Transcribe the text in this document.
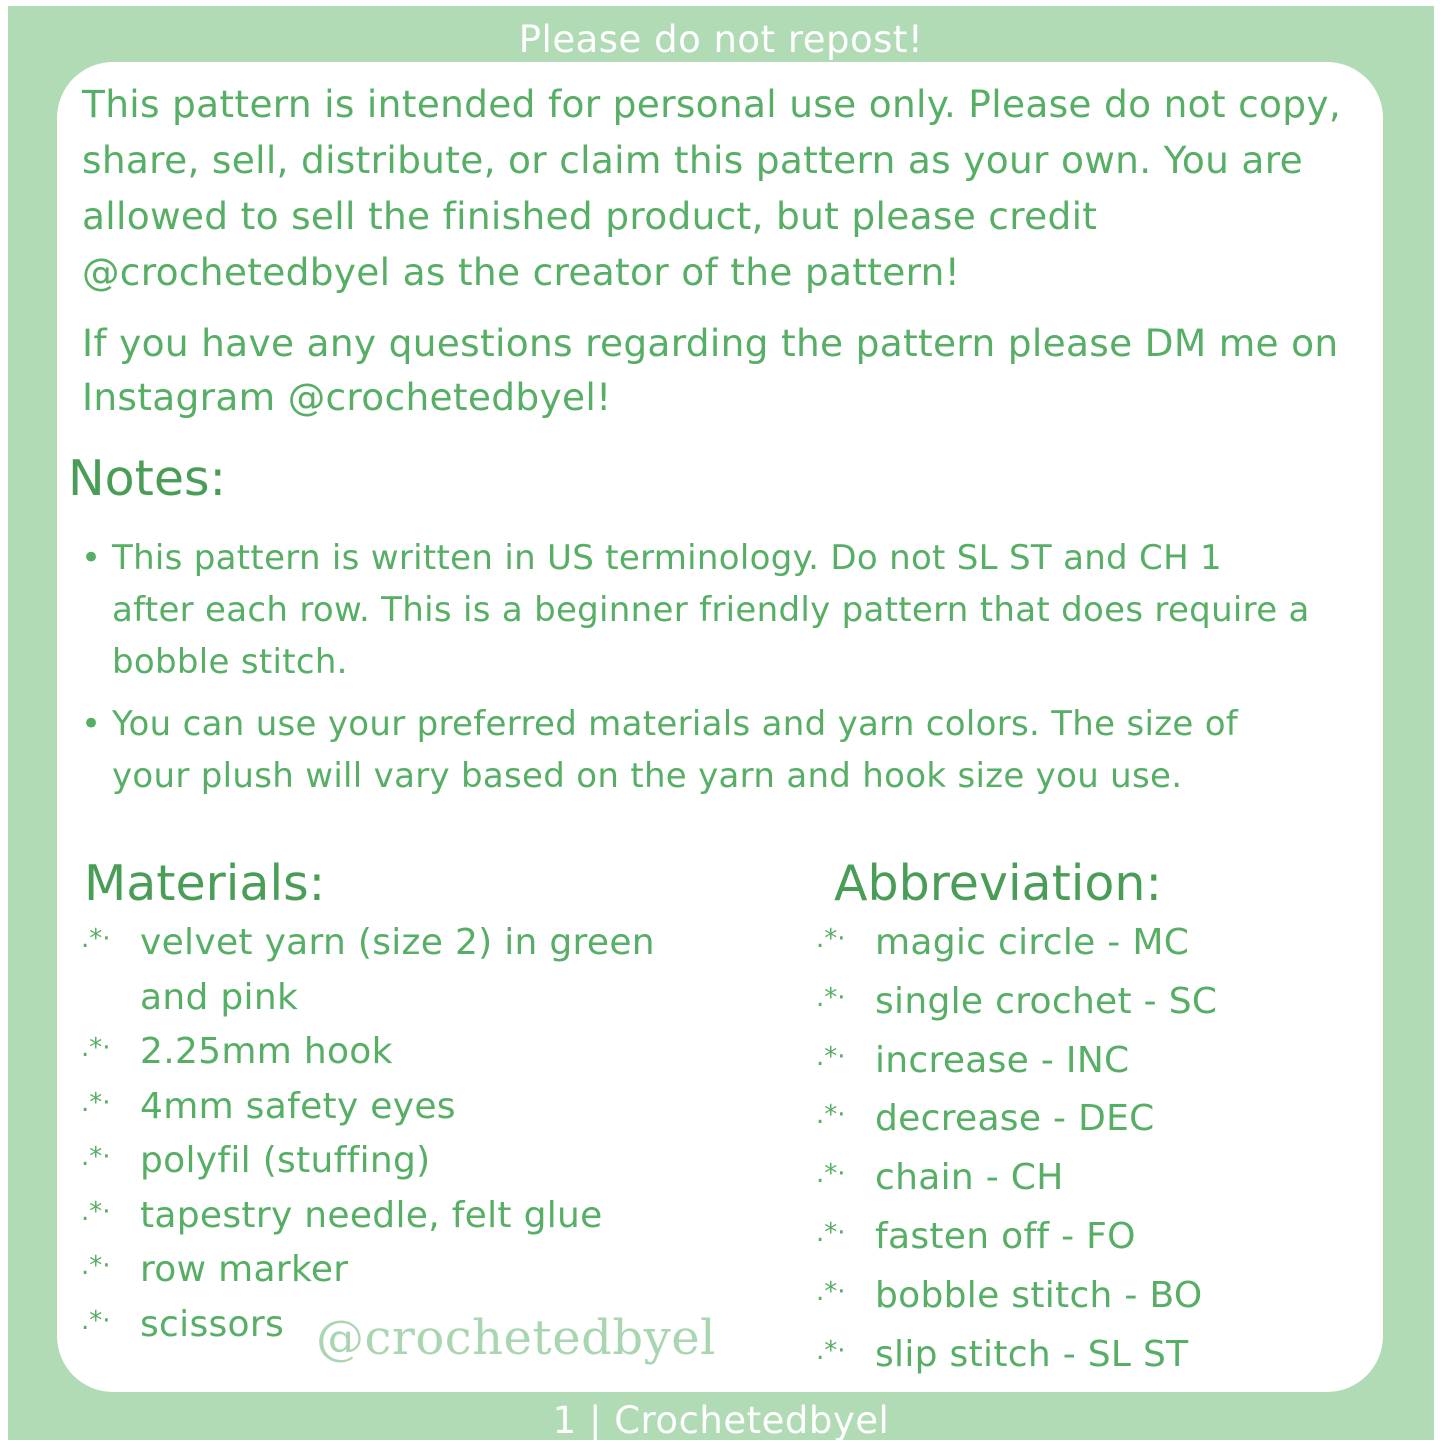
Please do not repost!

This pattern is intended for personal use only. Please do not copy, share, sell, distribute, or claim this pattern as your own. You are allowed to sell the finished product, but please credit @crochetedbyel as the creator of the pattern!

If you have any questions regarding the pattern please DM me on Instagram @crochetedbyel!

Notes:
• This pattern is written in US terminology. Do not SL ST and CH 1 after each row. This is a beginner friendly pattern that does require a bobble stitch.
• You can use your preferred materials and yarn colors. The size of your plush will vary based on the yarn and hook size you use.
Materials:
.*· velvet yarn (size 2) in green and pink
.*· 2.25mm hook
.*· 4mm safety eyes
.*· polyfil (stuffing)
.*· tapestry needle, felt glue
.*· row marker
.*· scissors
Abbreviation:
.*· magic circle - MC
.*· single crochet - SC
.*· increase - INC
.*· decrease - DEC
.*· chain - CH
.*· fasten off - FO
.*· bobble stitch - BO
.*· slip stitch - SL ST
@crochetedbyel
1 | Crochetedbyel
